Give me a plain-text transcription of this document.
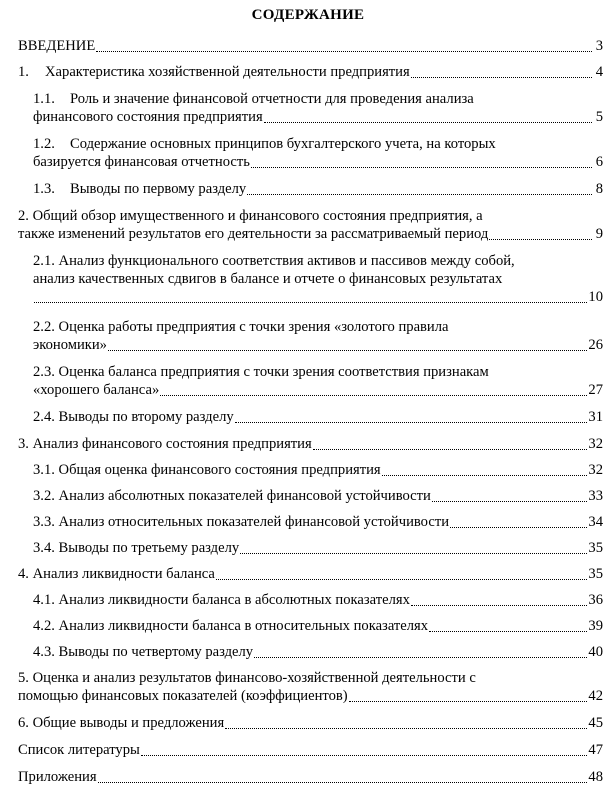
СОДЕРЖАНИЕ
ВВЕДЕНИЕ	3
1. Характеристика хозяйственной деятельности предприятия	4
1.1. Роль и значение финансовой отчетности для проведения анализа
финансового состояния предприятия	5
1.2. Содержание основных принципов бухгалтерского учета, на которых
базируется финансовая отчетность	6
1.3. Выводы по первому разделу	8
2. Общий обзор имущественного и финансового состояния предприятия, а
также изменений результатов его деятельности за рассматриваемый период	9
2.1. Анализ функционального соответствия активов и пассивов между собой,
анализ качественных сдвигов в балансе и отчете о финансовых результатах
10
2.2. Оценка работы предприятия с точки зрения «золотого правила
экономики»	26
2.3. Оценка баланса предприятия с точки зрения соответствия признакам
«хорошего баланса»	27
2.4. Выводы по второму разделу	31
3. Анализ финансового состояния предприятия	32
3.1. Общая оценка финансового состояния предприятия	32
3.2. Анализ абсолютных показателей финансовой устойчивости	33
3.3. Анализ относительных показателей финансовой устойчивости	34
3.4. Выводы по третьему разделу	35
4. Анализ ликвидности баланса	35
4.1. Анализ ликвидности баланса в абсолютных показателях	36
4.2. Анализ ликвидности баланса в относительных показателях	39
4.3. Выводы по четвертому разделу	40
5. Оценка и анализ результатов финансово-хозяйственной деятельности с
помощью финансовых показателей (коэффициентов)	42
6. Общие выводы и предложения	45
Список литературы	47
Приложения	48
